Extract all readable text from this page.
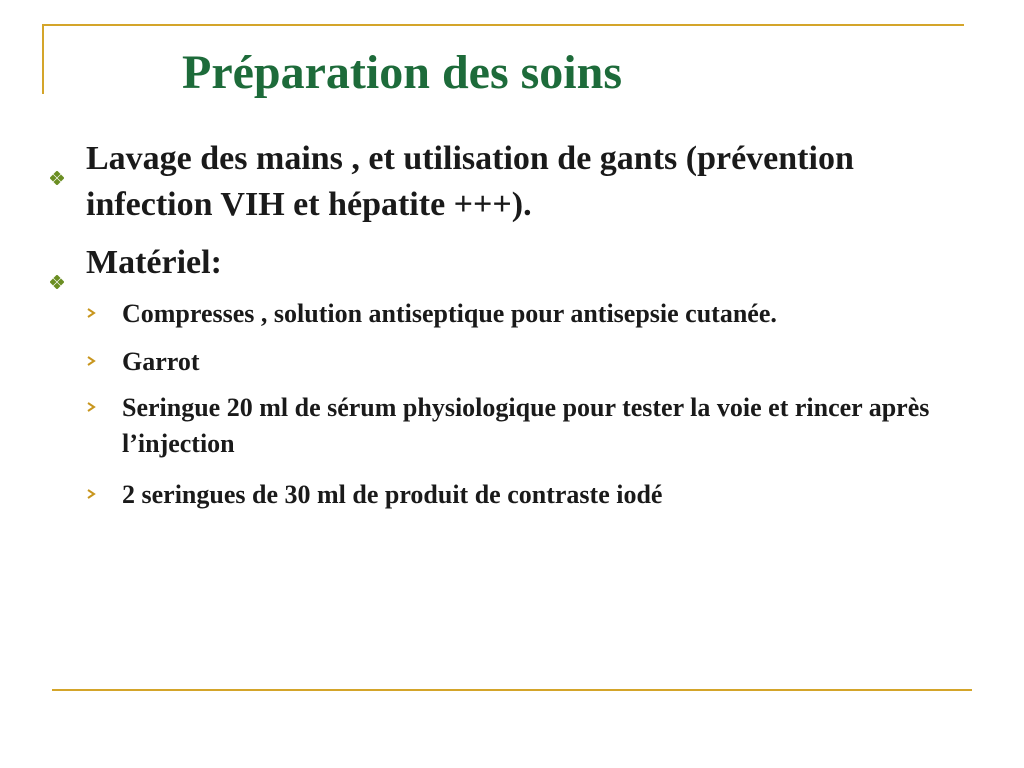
Préparation des soins
Lavage des mains , et utilisation de gants (prévention infection VIH et hépatite +++).
Matériel:
Compresses , solution antiseptique pour antisepsie cutanée.
Garrot
Seringue 20 ml de sérum physiologique pour tester la voie et rincer après l’injection
2 seringues de 30 ml de produit de contraste iodé
